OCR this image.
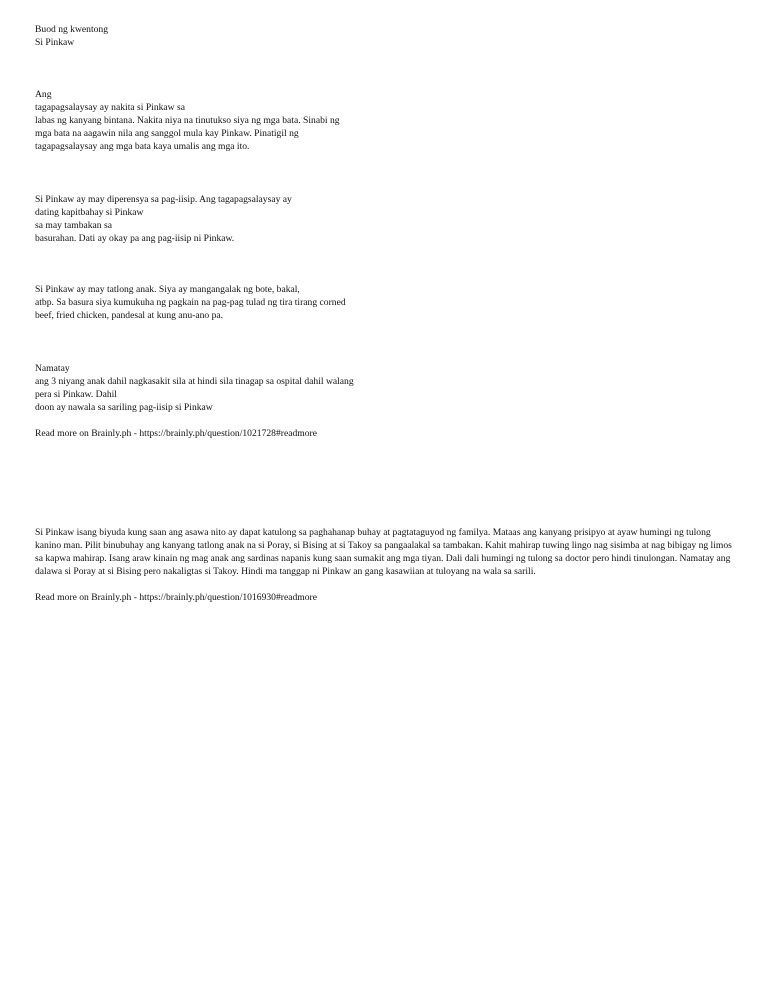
Buod ng kwentong
Si Pinkaw
Ang
tagapagsalaysay ay nakita si Pinkaw sa
labas ng kanyang bintana. Nakita niya na tinutukso siya ng mga bata. Sinabi ng
mga bata na aagawin nila ang sanggol mula kay Pinkaw. Pinatigil ng
tagapagsalaysay ang mga bata kaya umalis ang mga ito.
Si Pinkaw ay may diperensya sa pag-iisip. Ang tagapagsalaysay ay
dating kapitbahay si Pinkaw
sa may tambakan sa
basurahan. Dati ay okay pa ang pag-iisip ni Pinkaw.
Si Pinkaw ay may tatlong anak. Siya ay mangangalak ng bote, bakal,
atbp. Sa basura siya kumukuha ng pagkain na pag-pag tulad ng tira tirang corned
beef, fried chicken, pandesal at kung anu-ano pa.
Namatay
ang 3 niyang anak dahil nagkasakit sila at hindi sila tinagap sa ospital dahil walang
pera si Pinkaw. Dahil
doon ay nawala sa sariling pag-iisip si Pinkaw
Read more on Brainly.ph - https://brainly.ph/question/1021728#readmore
Si Pinkaw isang biyuda kung saan ang asawa nito ay dapat katulong sa paghahanap buhay at pagtataguyod ng familya. Mataas ang kanyang prisipyo at ayaw humingi ng tulong kanino man. Pilit binubuhay ang kanyang tatlong anak na si Poray, si Bising at si Takoy sa pangaalakal sa tambakan. Kahit mahirap tuwing lingo nag sisimba at nag bibigay ng limos sa kapwa mahirap. Isang araw kinain ng mag anak ang sardinas napanis kung saan sumakit ang mga tiyan. Dali dali humingi ng tulong sa doctor pero hindi tinulongan. Namatay ang dalawa si Poray at si Bising pero nakaligtas si Takoy. Hindi ma tanggap ni Pinkaw an gang kasawiian at tuloyang na wala sa sarili.
Read more on Brainly.ph - https://brainly.ph/question/1016930#readmore
